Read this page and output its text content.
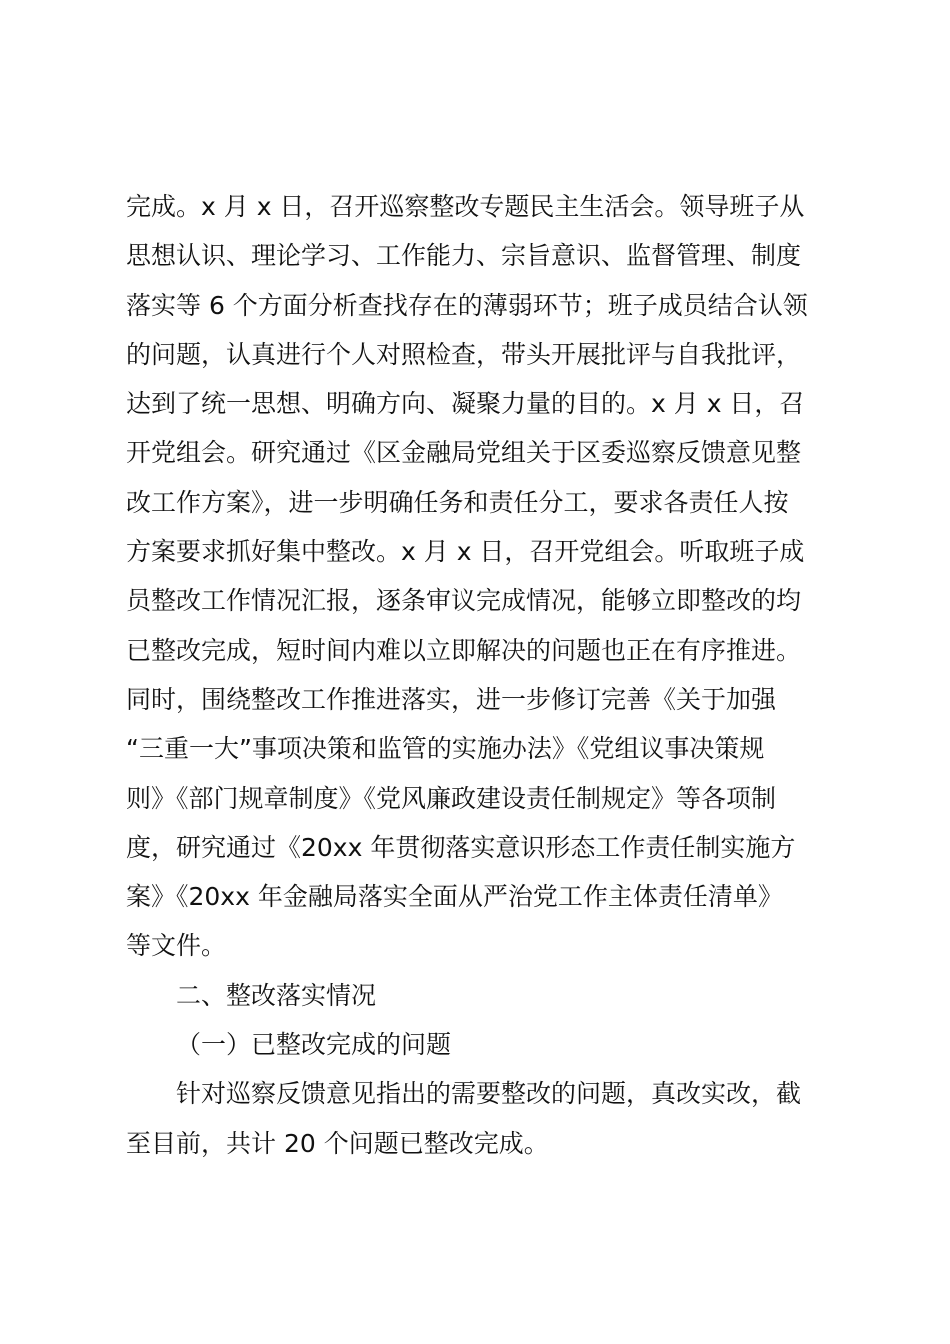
完成。x 月 x 日，召开巡察整改专题民主生活会。领导班子从
思想认识、理论学习、工作能力、宗旨意识、监督管理、制度
落实等 6 个方面分析查找存在的薄弱环节；班子成员结合认领
的问题，认真进行个人对照检查，带头开展批评与自我批评，
达到了统一思想、明确方向、凝聚力量的目的。x 月 x 日，召
开党组会。研究通过《区金融局党组关于区委巡察反馈意见整
改工作方案》，进一步明确任务和责任分工，要求各责任人按
方案要求抓好集中整改。x 月 x 日，召开党组会。听取班子成
员整改工作情况汇报，逐条审议完成情况，能够立即整改的均
已整改完成，短时间内难以立即解决的问题也正在有序推进。
同时，围绕整改工作推进落实，进一步修订完善《关于加强
“三重一大”事项决策和监管的实施办法》《党组议事决策规
则》《部门规章制度》《党风廉政建设责任制规定》等各项制
度，研究通过《20xx 年贯彻落实意识形态工作责任制实施方
案》《20xx 年金融局落实全面从严治党工作主体责任清单》
等文件。
二、整改落实情况
（一）已整改完成的问题
针对巡察反馈意见指出的需要整改的问题，真改实改，截
至目前，共计 20 个问题已整改完成。
